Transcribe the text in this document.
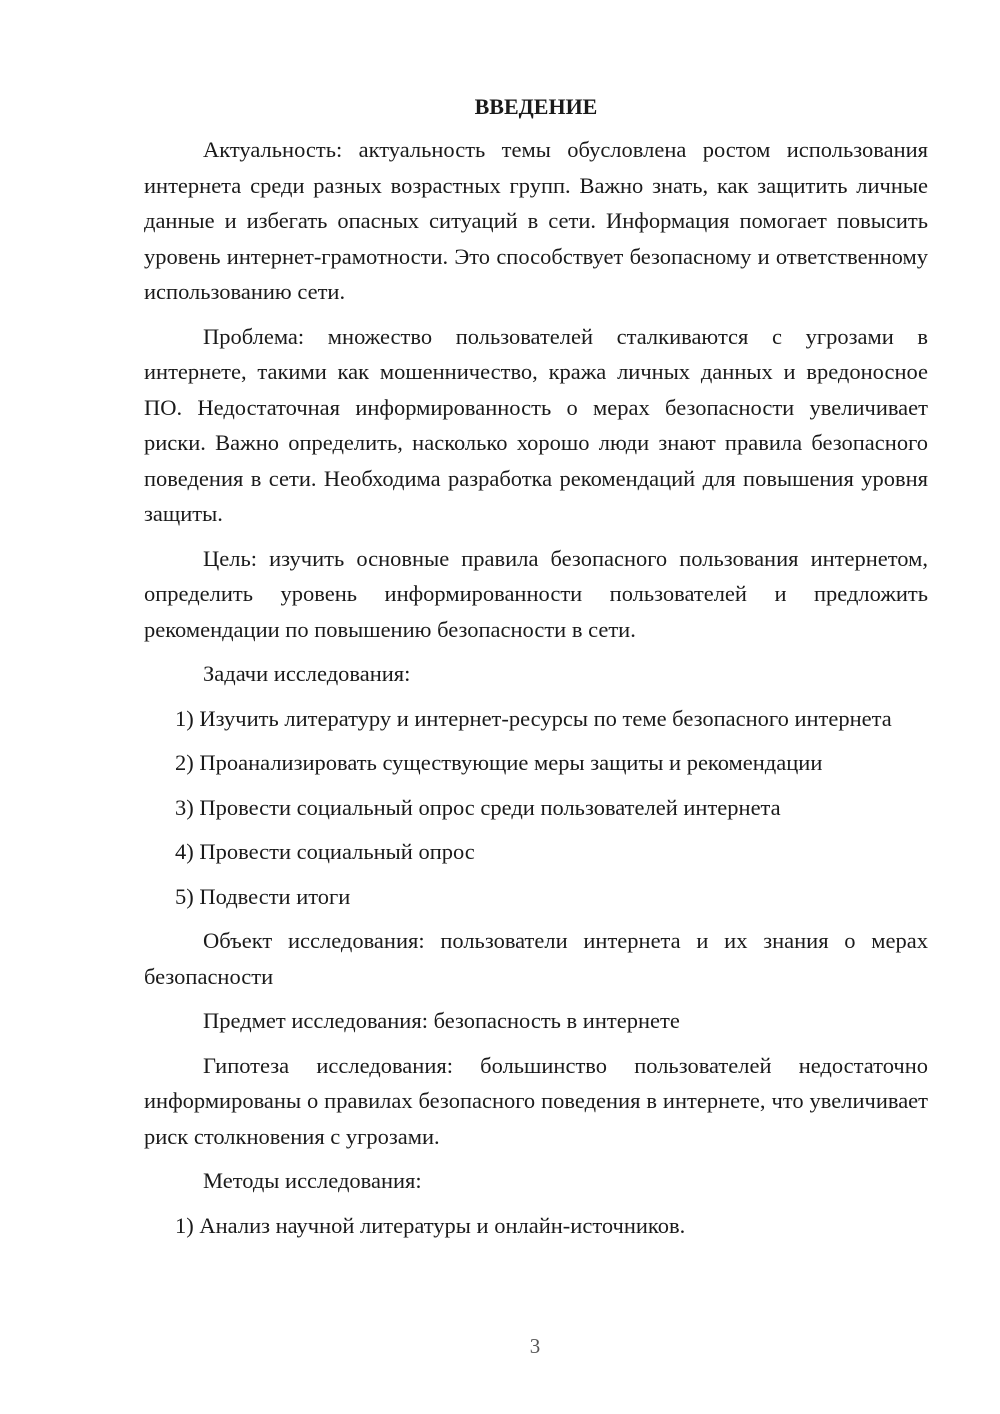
ВВЕДЕНИЕ

Актуальность: актуальность темы обусловлена ростом использования интернета среди разных возрастных групп. Важно знать, как защитить личные данные и избегать опасных ситуаций в сети. Информация помогает повысить уровень интернет-грамотности. Это способствует безопасному и ответственному использованию сети.

Проблема: множество пользователей сталкиваются с угрозами в интернете, такими как мошенничество, кража личных данных и вредоносное ПО. Недостаточная информированность о мерах безопасности увеличивает риски. Важно определить, насколько хорошо люди знают правила безопасного поведения в сети. Необходима разработка рекомендаций для повышения уровня защиты.

Цель: изучить основные правила безопасного пользования интернетом, определить уровень информированности пользователей и предложить рекомендации по повышению безопасности в сети.

Задачи исследования:

1) Изучить литературу и интернет-ресурсы по теме безопасного интернета

2) Проанализировать существующие меры защиты и рекомендации

3) Провести социальный опрос среди пользователей интернета

4) Провести социальный опрос

5) Подвести итоги

Объект исследования: пользователи интернета и их знания о мерах безопасности

Предмет исследования: безопасность в интернете

Гипотеза исследования: большинство пользователей недостаточно информированы о правилах безопасного поведения в интернете, что увеличивает риск столкновения с угрозами.

Методы исследования:

1) Анализ научной литературы и онлайн-источников.

3
